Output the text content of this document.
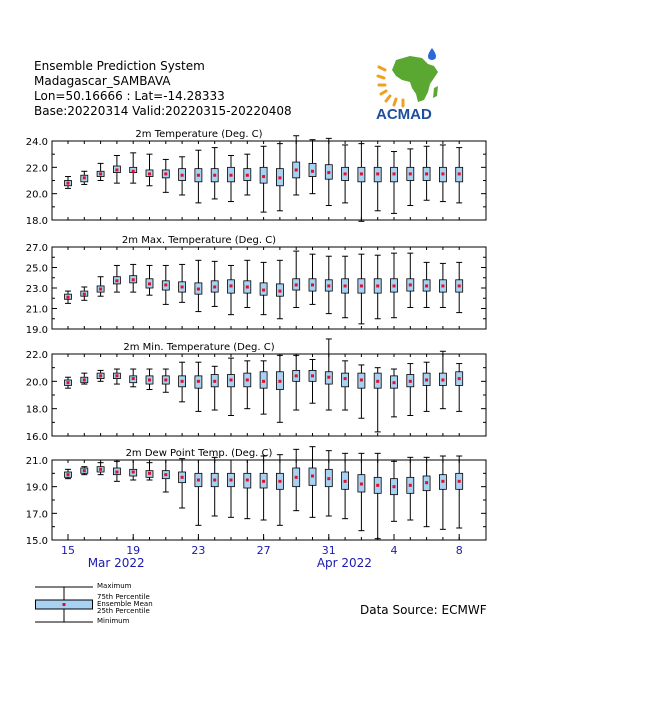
Ensemble Prediction System
Madagascar_SAMBAVA
Lon=50.16666 : Lat=-14.28333
Base:20220314 Valid:20220315-20220408	ACMAD
2m Temperature (Deg. C)
24.0
22.0
20.0
18.0
2m Max. Temperature (Deg. C)
27.0
25.0
23.0
21.0
19.0
2m Min. Temperature (Deg. C)
22.0
20.0
18.0
16.0
2m Dew Point Temp. (Deg. C)
21.0
19.0
17.0
15.0
15	19	23	27	31	4	8
Mar 2022	Apr 2022
Maximum
75th Percentile
Ensemble Mean
25th Percentile
Minimum
Data Source: ECMWF
